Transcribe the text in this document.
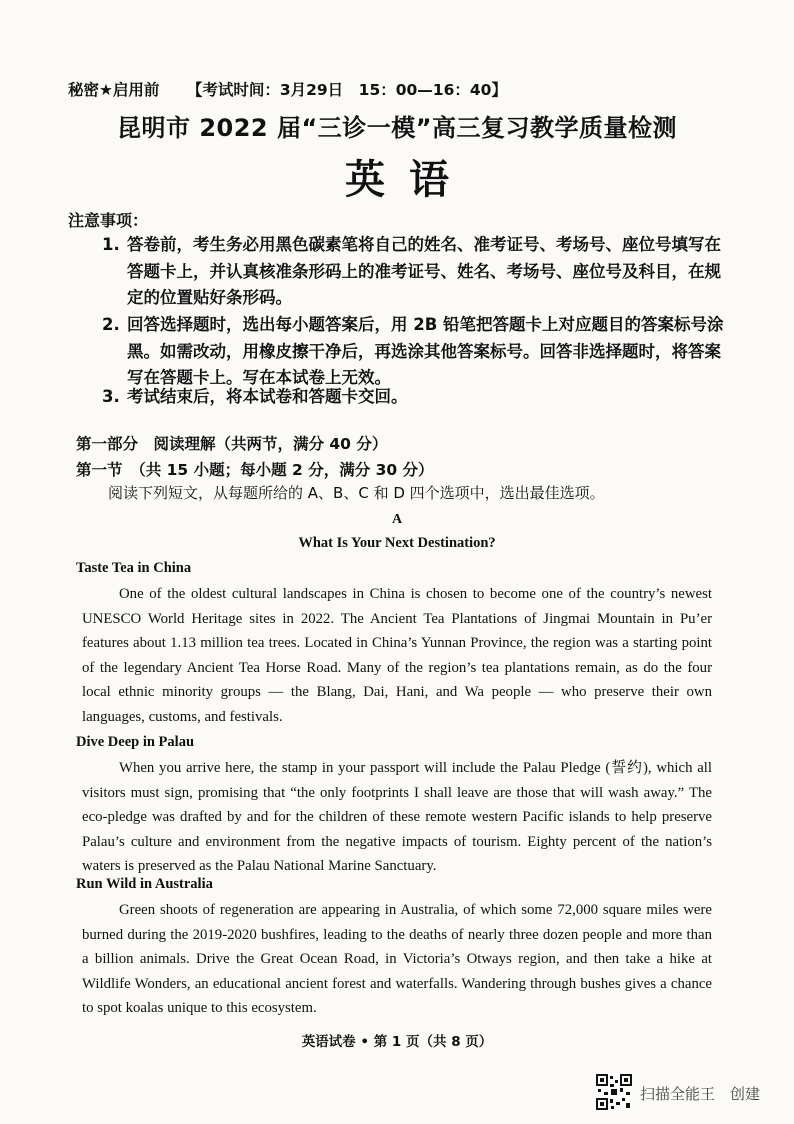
秘密★启用前 【考试时间：3月29日　15：00—16：40】
昆明市 2022 届“三诊一模”高三复习教学质量检测
英语
注意事项：
1. 答卷前，考生务必用黑色碳素笔将自己的姓名、准考证号、考场号、座位号填写在答题卡上，并认真核准条形码上的准考证号、姓名、考场号、座位号及科目，在规定的位置贴好条形码。
2. 回答选择题时，选出每小题答案后，用 2B 铅笔把答题卡上对应题目的答案标号涂黑。如需改动，用橡皮擦干净后，再选涂其他答案标号。回答非选择题时，将答案写在答题卡上。写在本试卷上无效。
3. 考试结束后，将本试卷和答题卡交回。
第一部分　阅读理解（共两节，满分 40 分）
第一节　（共 15 小题；每小题 2 分，满分 30 分）
阅读下列短文，从每题所给的 A、B、C 和 D 四个选项中，选出最佳选项。
A
What Is Your Next Destination?
Taste Tea in China

One of the oldest cultural landscapes in China is chosen to become one of the country’s newest UNESCO World Heritage sites in 2022. The Ancient Tea Plantations of Jingmai Mountain in Pu’er features about 1.13 million tea trees. Located in China’s Yunnan Province, the region was a starting point of the legendary Ancient Tea Horse Road. Many of the region’s tea plantations remain, as do the four local ethnic minority groups — the Blang, Dai, Hani, and Wa people — who preserve their own languages, customs, and festivals.

Dive Deep in Palau

When you arrive here, the stamp in your passport will include the Palau Pledge (誓约), which all visitors must sign, promising that “the only footprints I shall leave are those that will wash away.” The eco-pledge was drafted by and for the children of these remote western Pacific islands to help preserve Palau’s culture and environment from the negative impacts of tourism. Eighty percent of the nation’s waters is preserved as the Palau National Marine Sanctuary.

Run Wild in Australia

Green shoots of regeneration are appearing in Australia, of which some 72,000 square miles were burned during the 2019-2020 bushfires, leading to the deaths of nearly three dozen people and more than a billion animals. Drive the Great Ocean Road, in Victoria’s Otways region, and then take a hike at Wildlife Wonders, an educational ancient forest and waterfalls. Wandering through bushes gives a chance to spot koalas unique to this ecosystem.

英语试卷 • 第 1 页（共 8 页）
扫描全能王　创建
